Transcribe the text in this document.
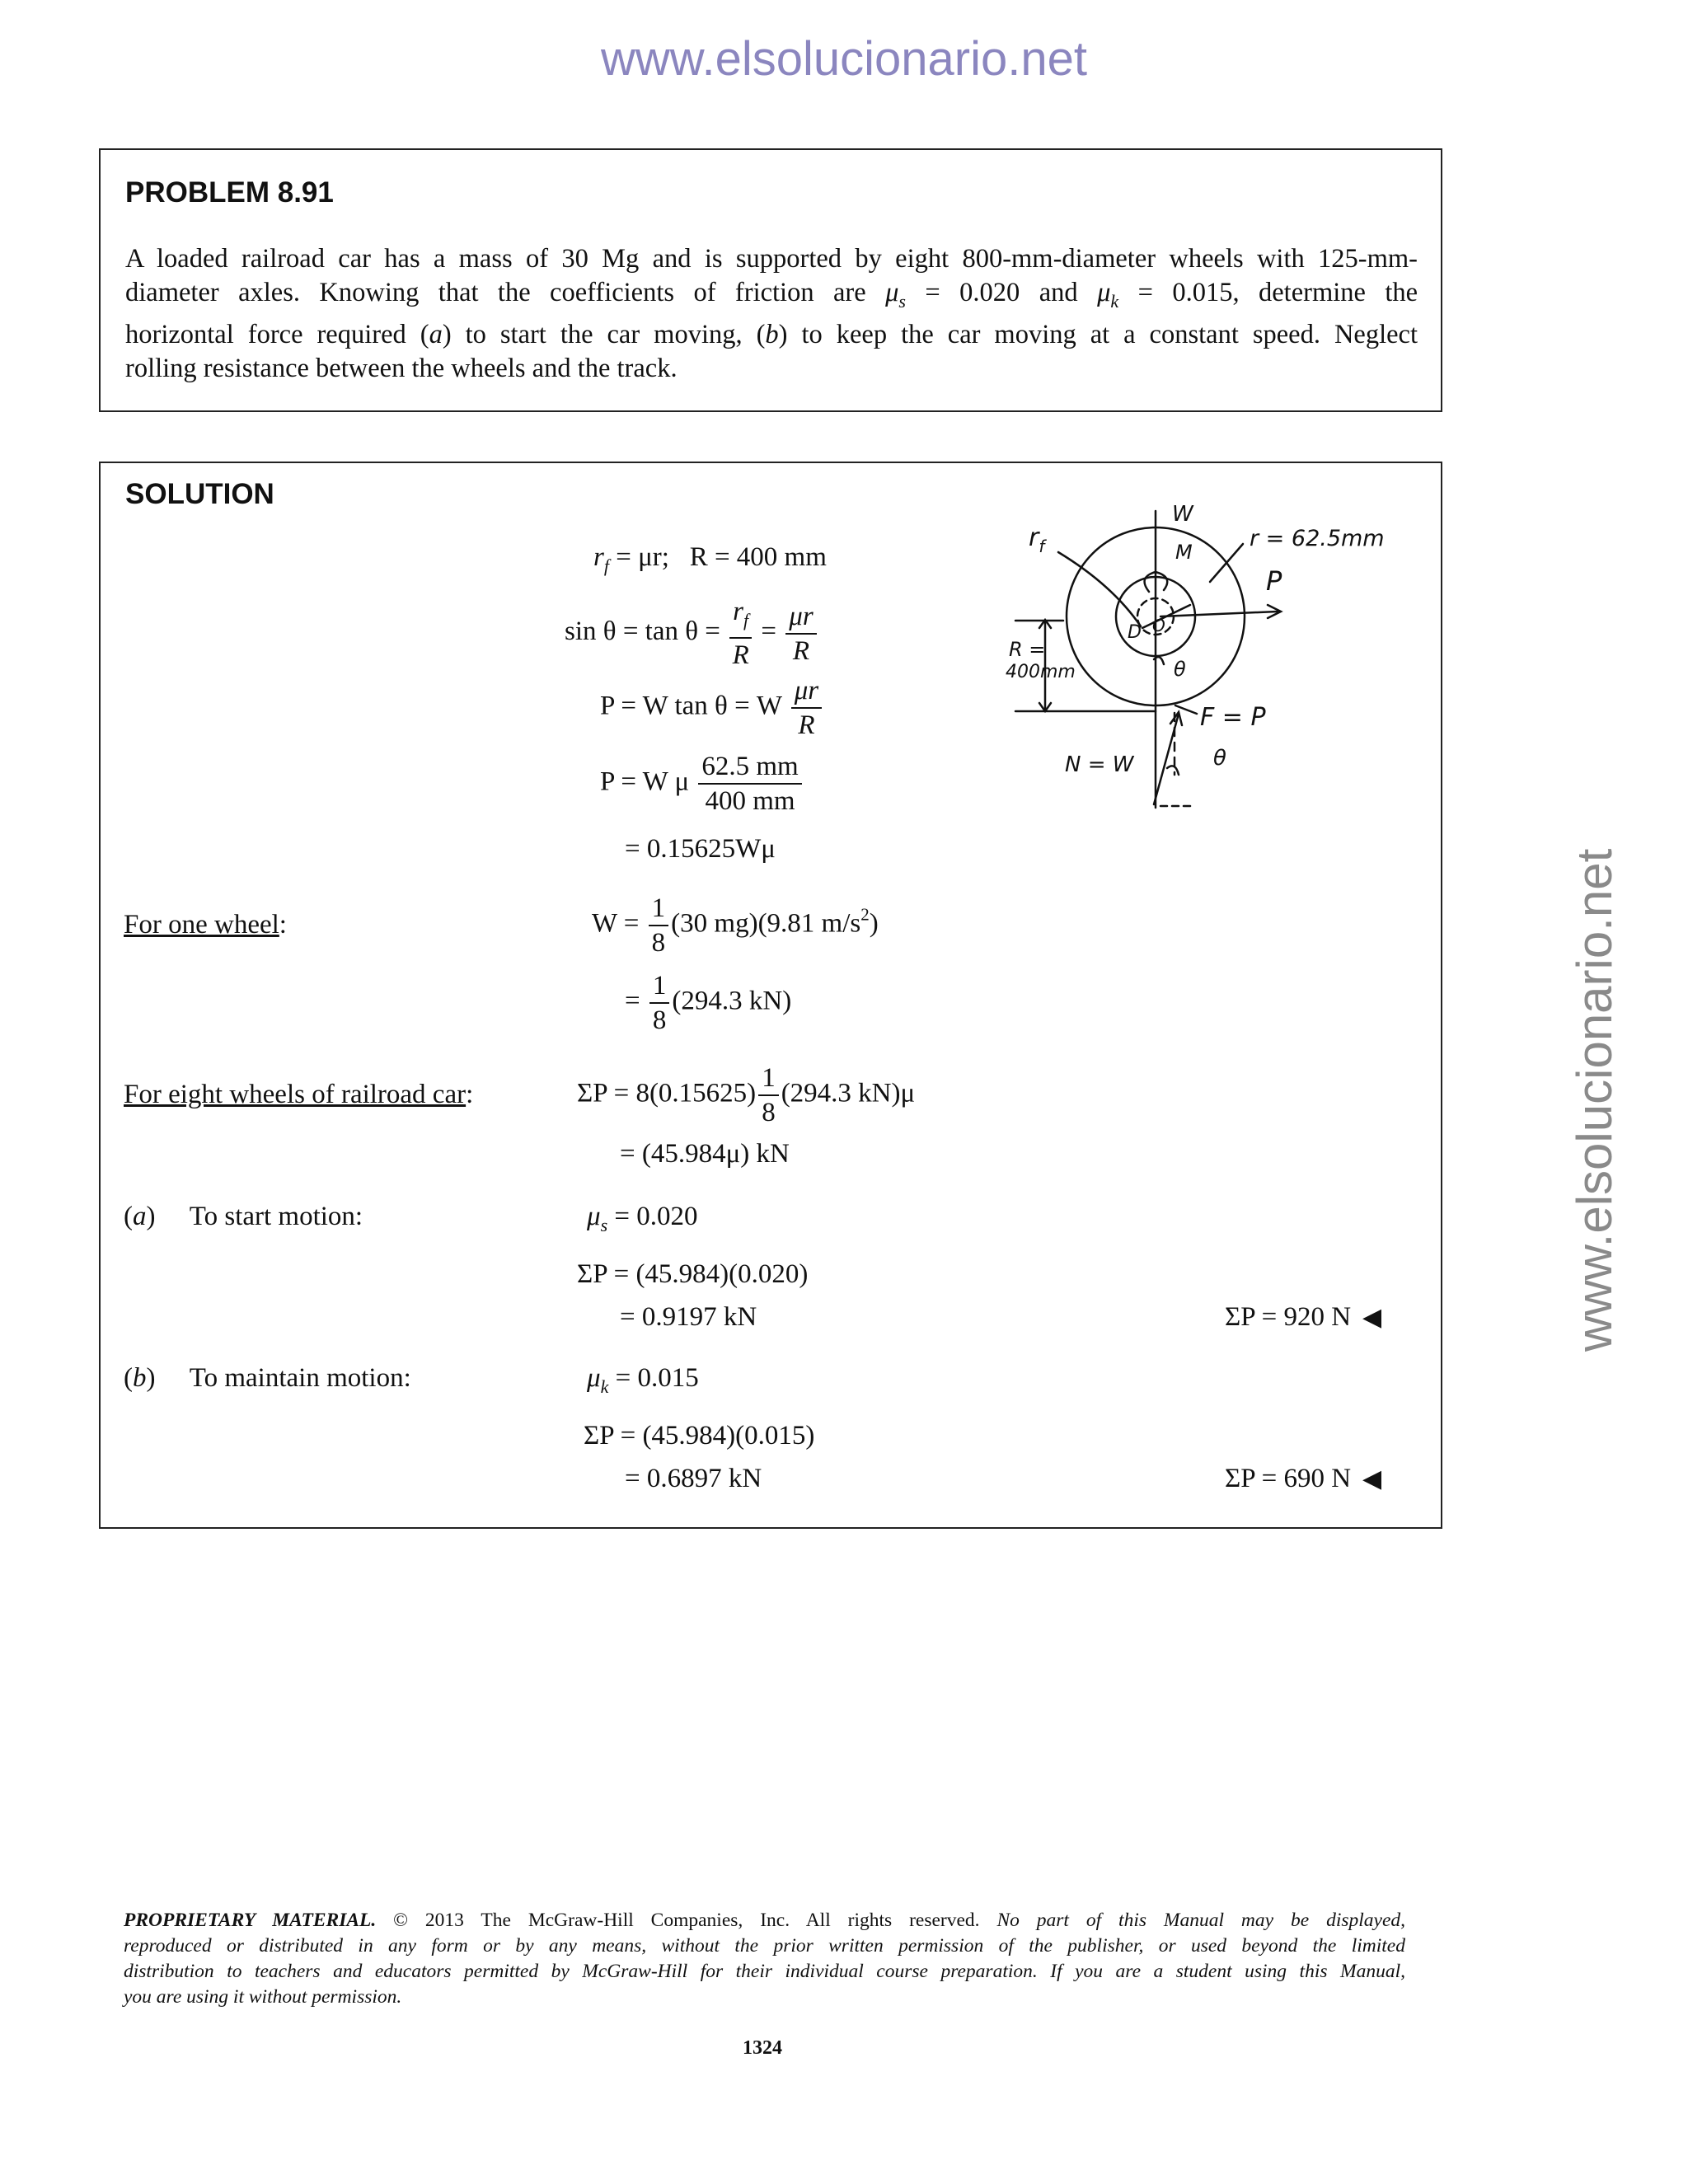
www.elsolucionario.net
www.elsolucionario.net
PROBLEM 8.91
A loaded railroad car has a mass of 30 Mg and is supported by eight 800-mm-diameter wheels with 125-mm-
diameter axles. Knowing that the coefficients of friction are $\mu_s = 0.020$ and $\mu_k = 0.015$, determine the
horizontal force required (a) to start the car moving, (b) to keep the car moving at a constant speed. Neglect
rolling resistance between the wheels and the track.
SOLUTION
$r_f = \mu r$; R = 400 mm
$\sin \theta = \tan \theta = \frac{r_f}{R} = \frac{\mu r}{R}$
P = W tan θ = W $\frac{\mu r}{R}$
P = W μ $\frac{62.5 mm}{400 mm}$
= 0.15625Wμ
For one wheel:	$W = \frac{1}{8} (30$ mg)(9.81 $m/s^2$)
= $\frac{1}{8} (294.3$ kN)
For eight wheels of railroad car:	$\Sigma P = 8(0.15625) \frac{1}{8} (294.3$ kN)μ
= (45.984μ) kN
(a)     To start motion:	$\mu_s = 0.020$
ΣP = (45.984)(0.020)
= 0.9197 kN	ΣP = 920 N ◀
(b)     To maintain motion:	$\mu_k = 0.015$
ΣP = (45.984)(0.015)
= 0.6897 kN	ΣP = 690 N ◀
W
M
$r_f$	r = 62.5mm
P
D O
R =
400mm	θ
F = P
N = W	θ
PROPRIETARY MATERIAL. © 2013 The McGraw-Hill Companies, Inc. All rights reserved. No part of this Manual may be displayed,
reproduced or distributed in any form or by any means, without the prior written permission of the publisher, or used beyond the limited
distribution to teachers and educators permitted by McGraw-Hill for their individual course preparation. If you are a student using this Manual,
you are using it without permission.
1324
